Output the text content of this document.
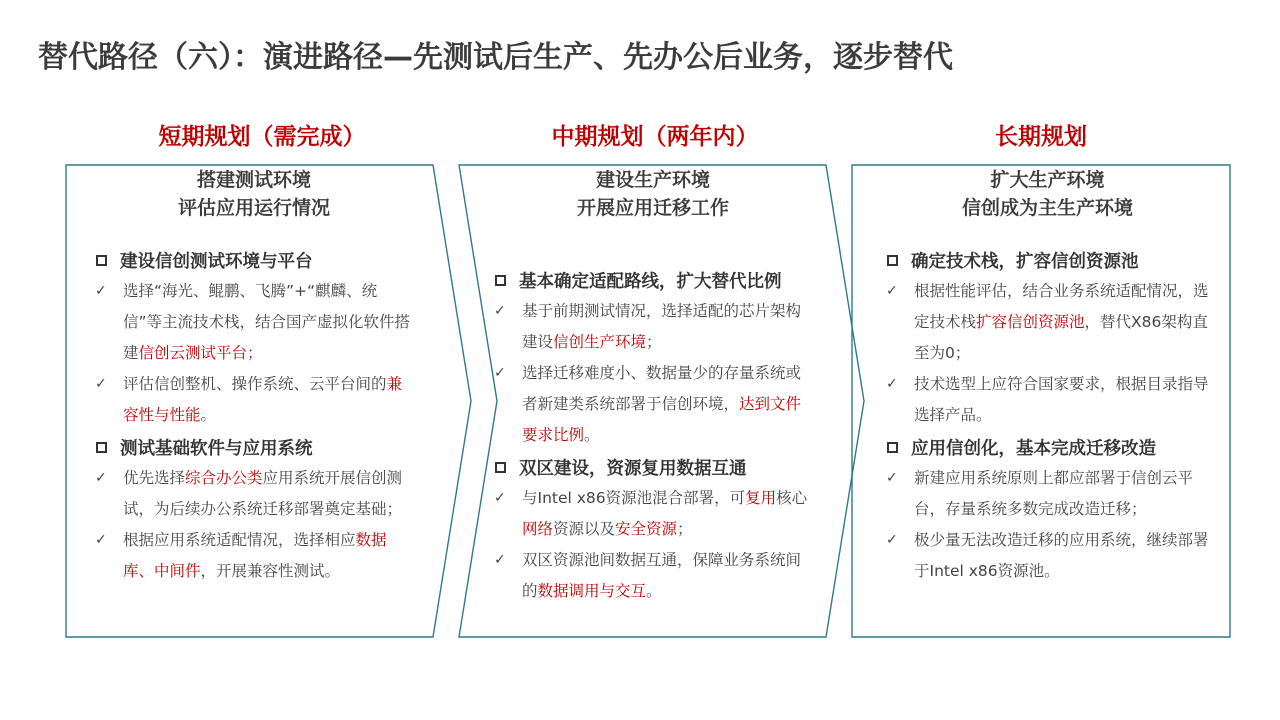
替代路径（六）：演进路径—先测试后生产、先办公后业务，逐步替代
短期规划（需完成）	中期规划（两年内）	长期规划
搭建测试环境
评估应用运行情况
建设信创测试环境与平台
✓	选择“海光、鲲鹏、飞腾”+“麒麟、统信”等主流技术栈，结合国产虚拟化软件搭建信创云测试平台；
✓	评估信创整机、操作系统、云平台间的兼容性与性能。
测试基础软件与应用系统
✓	优先选择综合办公类应用系统开展信创测试，为后续办公系统迁移部署奠定基础；
✓	根据应用系统适配情况，选择相应数据库、中间件，开展兼容性测试。
建设生产环境
开展应用迁移工作
基本确定适配路线，扩大替代比例
✓	基于前期测试情况，选择适配的芯片架构建设信创生产环境；
✓	选择迁移难度小、数据量少的存量系统或者新建类系统部署于信创环境，达到文件要求比例。
双区建设，资源复用数据互通
✓	与Intel x86资源池混合部署，可复用核心网络资源以及安全资源；
✓	双区资源池间数据互通，保障业务系统间的数据调用与交互。
扩大生产环境
信创成为主生产环境
确定技术栈，扩容信创资源池
✓	根据性能评估，结合业务系统适配情况，选定技术栈扩容信创资源池，替代X86架构直至为0；
✓	技术选型上应符合国家要求，根据目录指导选择产品。
应用信创化，基本完成迁移改造
✓	新建应用系统原则上都应部署于信创云平台，存量系统多数完成改造迁移；
✓	极少量无法改造迁移的应用系统，继续部署于Intel x86资源池。
